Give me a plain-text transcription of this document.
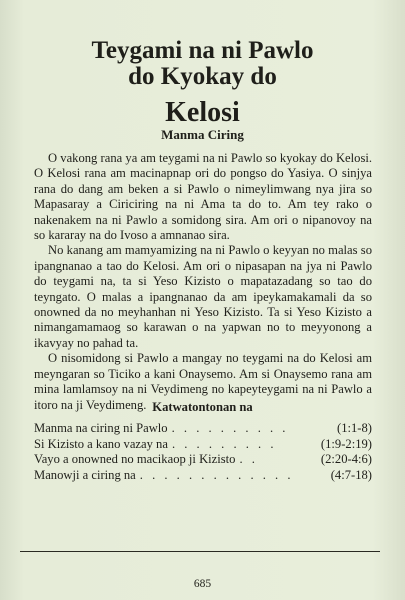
Teygami na ni Pawlo
do Kyokay do
Kelosi
Manma Ciring

O vakong rana ya am teygami na ni Pawlo so kyokay do Kelosi. O Kelosi rana am macinapnap ori do pongso do Yasiya. O sinjya rana do dang am beken a si Pawlo o nimeylimwang nya jira so Mapasaray a Ciriciring na ni Ama ta do to. Am tey rako o nakenakem na ni Pawlo a somidong sira. Am ori o nipanovoy na so kararay na do Ivoso a amnanao sira.

No kanang am mamyamizing na ni Pawlo o keyyan no malas so ipangnanao a tao do Kelosi. Am ori o nipasapan na jya ni Pawlo do teygami na, ta si Yeso Kizisto o mapatazadang so tao do teyngato. O malas a ipangnanao da am ipeykamakamali da so onowned da no meyhanhan ni Yeso Kizisto. Ta si Yeso Kizisto a nimangamamaog so karawan o na yapwan no to meyyonong a ikavyay no pahad ta.

O nisomidong si Pawlo a mangay no teygami na do Kelosi am meyngaran so Ticiko a kani Onaysemo. Am si Onaysemo rana am mina lamlamsoy na ni Veydimeng no kapeyteygami na ni Pawlo a itoro na ji Veydimeng. Katwatontonan na
Manma na ciring ni Pawlo . . . . . . . . . .	(1:1-8)
Si Kizisto a kano vazay na . . . . . . . . .	(1:9-2:19)
Vayo a onowned no macikaop ji Kizisto . .	(2:20-4:6)
Manowji a ciring na . . . . . . . . . . . . .	(4:7-18)
685
